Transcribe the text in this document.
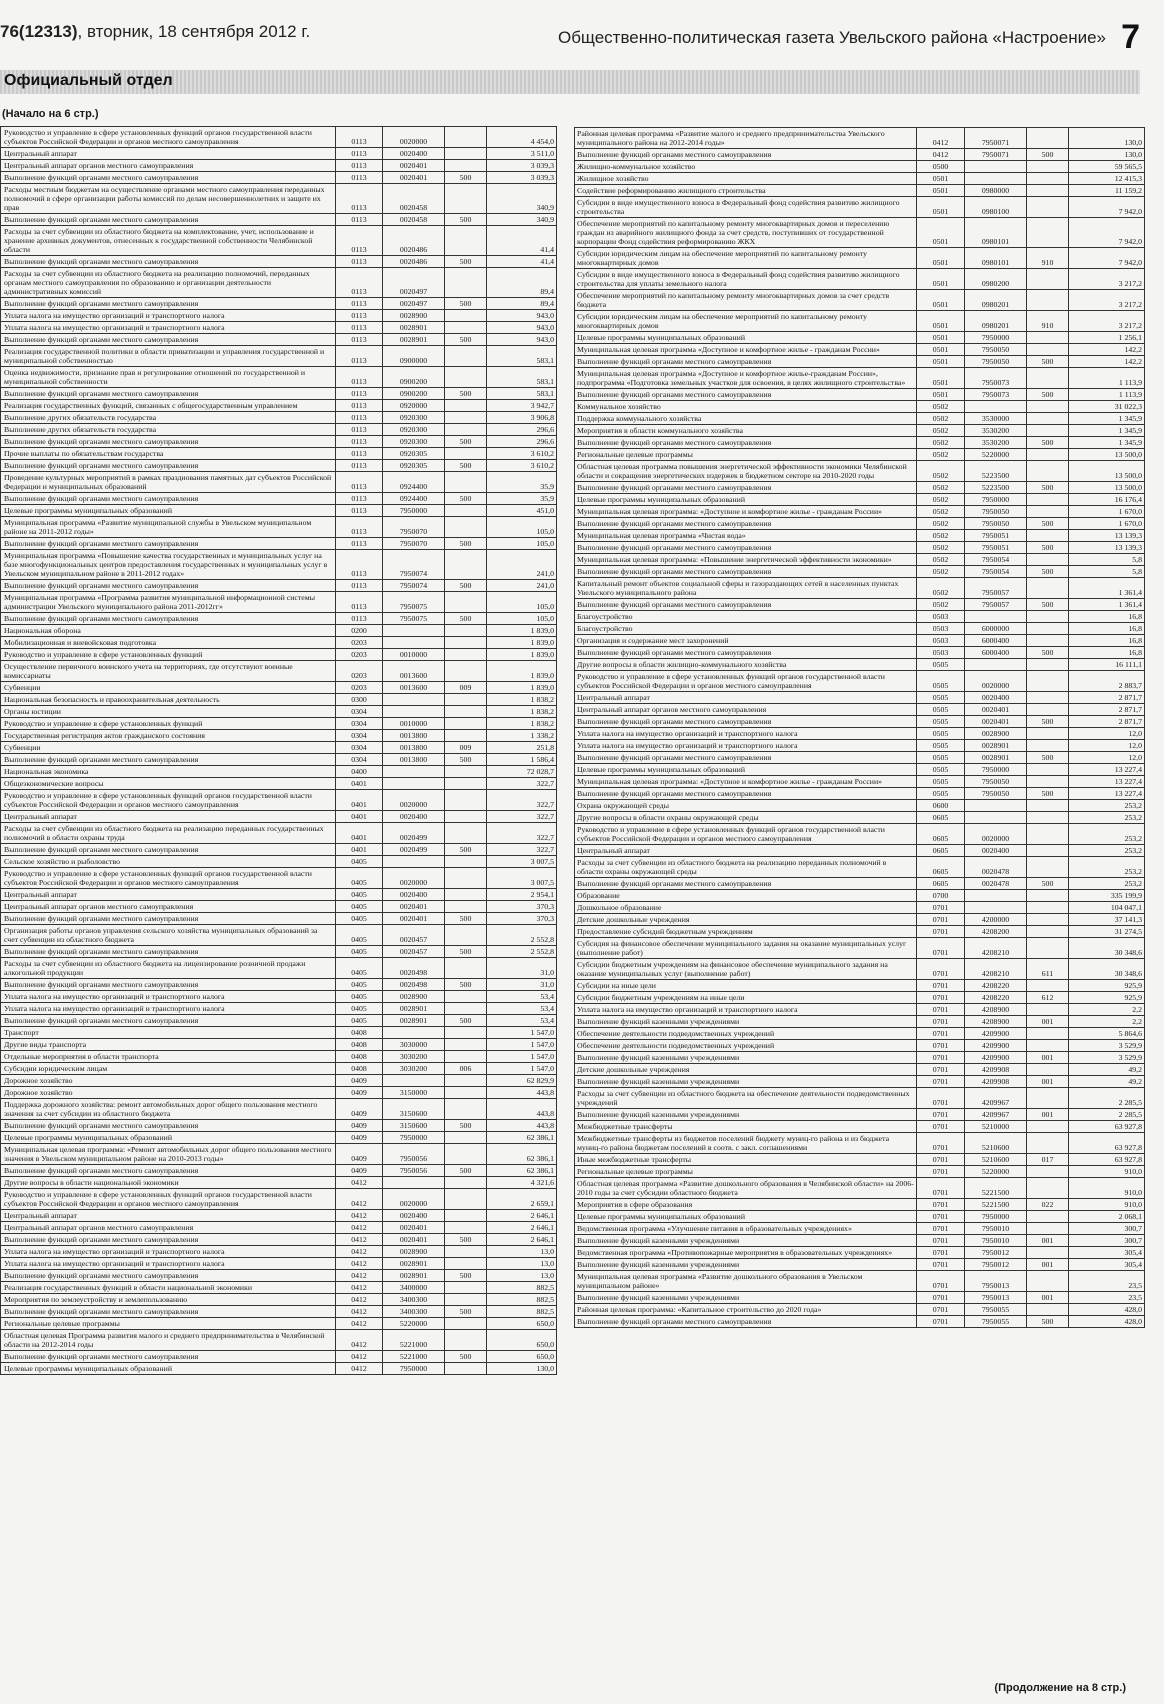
76(12313), вторник, 18 сентября 2012 г.	Общественно-политическая газета Увельского района «Настроение» 7
Официальный отдел
(Начало на 6 стр.)
Руководство и управление в сфере установленных функций органов государственной власти субъектов Российской Федерации и органов местного самоуправления	0113	0020000		4 454,0
Центральный аппарат	0113	0020400		3 511,0
Центральный аппарат органов местного самоуправления	0113	0020401		3 039,3
Выполнение функций органами местного самоуправления	0113	0020401	500	3 039,3
Расходы местным бюджетам на осуществление органами местного самоуправления переданных полномочий в сфере организации работы комиссий по делам несовершеннолетних и защите их прав	0113	0020458		340,9
Выполнение функций органами местного самоуправления	0113	0020458	500	340,9
Расходы за счет субвенции из областного бюджета на комплектование, учет, использование и хранение архивных документов, отнесенных к государственной собственности Челябинской области	0113	0020486		41,4
Выполнение функций органами местного самоуправления	0113	0020486	500	41,4
Расходы за счет субвенции из областного бюджета на реализацию полномочий, переданных органам местного самоуправления по образованию и организации деятельности административных комиссий	0113	0020497		89,4
Выполнение функций органами местного самоуправления	0113	0020497	500	89,4
Уплата налога на имущество организаций и транспортного налога	0113	0028900		943,0
Уплата налога на имущество организаций и транспортного налога	0113	0028901		943,0
Выполнение функций органами местного самоуправления	0113	0028901	500	943,0
Реализация государственной политики в области приватизации и управления государственной и муниципальной собственностью	0113	0900000		583,1
Оценка недвижимости, признание прав и регулирование отношений по государственной и муниципальной собственности	0113	0900200		583,1
Выполнение функций органами местного самоуправления	0113	0900200	500	583,1
Реализация государственных функций, связанных с общегосударственным управлением	0113	0920000		3 942,7
Выполнение других обязательств государства	0113	0920300		3 906,8
Выполнение других обязательств государства	0113	0920300		296,6
Выполнение функций органами местного самоуправления	0113	0920300	500	296,6
Прочие выплаты по обязательствам государства	0113	0920305		3 610,2
Выполнение функций органами местного самоуправления	0113	0920305	500	3 610,2
Проведение культурных мероприятий в рамках празднования памятных дат субъектов Российской Федерации и муниципальных образований	0113	0924400		35,9
Выполнение функций органами местного самоуправления	0113	0924400	500	35,9
Целевые программы муниципальных образований	0113	7950000		451,0
Муниципальная программа «Развитие муниципальной службы в Увельском муниципальном районе на 2011-2012 годы»	0113	7950070		105,0
Выполнение функций органами местного самоуправления	0113	7950070	500	105,0
Муниципальная программа «Повышение качества государственных и муниципальных услуг на базе многофункциональных центров предоставления государственных и муниципальных услуг в Увельском муниципальном районе в 2011-2012 годах»	0113	7950074		241,0
Выполнение функций органами местного самоуправления	0113	7950074	500	241,0
Муниципальная программа «Программа развития муниципальной информационной системы администрации Увельского муниципального района 2011-2012гг»	0113	7950075		105,0
Выполнение функций органами местного самоуправления	0113	7950075	500	105,0
Национальная оборона	0200			1 839,0
Мобилизационная и вневойсковая подготовка	0203			1 839,0
Руководство и управление в сфере установленных функций	0203	0010000		1 839,0
Осуществление первичного воинского учета на территориях, где отсутствуют военные комиссариаты	0203	0013600		1 839,0
Субвенции	0203	0013600	009	1 839,0
Национальная безопасность и правоохранительная деятельность	0300			1 838,2
Органы юстиции	0304			1 838,2
Руководство и управление в сфере установленных функций	0304	0010000		1 838,2
Государственная регистрация актов гражданского состояния	0304	0013800		1 338,2
Субвенции	0304	0013800	009	251,8
Выполнение функций органами местного самоуправления	0304	0013800	500	1 586,4
Национальная экономика	0400			72 028,7
Общеэкономические вопросы	0401			322,7
Руководство и управление в сфере установленных функций органов государственной власти субъектов Российской Федерации и органов местного самоуправления	0401	0020000		322,7
Центральный аппарат	0401	0020400		322,7
Расходы за счет субвенции из областного бюджета на реализацию переданных государственных полномочий в области охраны труда	0401	0020499		322,7
Выполнение функций органами местного самоуправления	0401	0020499	500	322,7
Сельское хозяйство и рыболовство	0405			3 007,5
Руководство и управление в сфере установленных функций органов государственной власти субъектов Российской Федерации и органов местного самоуправления	0405	0020000		3 007,5
Центральный аппарат	0405	0020400		2 954,1
Центральный аппарат органов местного самоуправления	0405	0020401		370,3
Выполнение функций органами местного самоуправления	0405	0020401	500	370,3
Организация работы органов управления сельского хозяйства муниципальных образований за счет субвенции из областного бюджета	0405	0020457		2 552,8
Выполнение функций органами местного самоуправления	0405	0020457	500	2 552,8
Расходы за счет субвенции из областного бюджета на лицензирование розничной продажи алкогольной продукции	0405	0020498		31,0
Выполнение функций органами местного самоуправления	0405	0020498	500	31,0
Уплата налога на имущество организаций и транспортного налога	0405	0028900		53,4
Уплата налога на имущество организаций и транспортного налога	0405	0028901		53,4
Выполнение функций органами местного самоуправления	0405	0028901	500	53,4
Транспорт	0408			1 547,0
Другие виды транспорта	0408	3030000		1 547,0
Отдельные мероприятия в области транспорта	0408	3030200		1 547,0
Субсидии юридическим лицам	0408	3030200	006	1 547,0
Дорожное хозяйство	0409			62 829,9
Дорожное хозяйство	0409	3150000		443,8
Поддержка дорожного хозяйства: ремонт автомобильных дорог общего пользования местного значения за счет субсидии из областного бюджета	0409	3150600		443,8
Выполнение функций органами местного самоуправления	0409	3150600	500	443,8
Целевые программы муниципальных образований	0409	7950000		62 386,1
Муниципальная целевая программа: «Ремонт автомобильных дорог общего пользования местного значения в Увельском муниципальном районе на 2010-2013 годы»	0409	7950056		62 386,1
Выполнение функций органами местного самоуправления	0409	7950056	500	62 386,1
Другие вопросы в области национальной экономики	0412			4 321,6
Руководство и управление в сфере установленных функций органов государственной власти субъектов Российской Федерации и органов местного самоуправления	0412	0020000		2 659,1
Центральный аппарат	0412	0020400		2 646,1
Центральный аппарат органов местного самоуправления	0412	0020401		2 646,1
Выполнение функций органами местного самоуправления	0412	0020401	500	2 646,1
Уплата налога на имущество организаций и транспортного налога	0412	0028900		13,0
Уплата налога на имущество организаций и транспортного налога	0412	0028901		13,0
Выполнение функций органами местного самоуправления	0412	0028901	500	13,0
Реализация государственных функций в области национальной экономики	0412	3400000		882,5
Мероприятия по землеустройству и землепользованию	0412	3400300		882,5
Выполнение функций органами местного самоуправления	0412	3400300	500	882,5
Региональные целевые программы	0412	5220000		650,0
Областная целевая Программа развития малого и среднего предпринимательства в Челябинской области на 2012-2014 годы	0412	5221000		650,0
Выполнение функций органами местного самоуправления	0412	5221000	500	650,0
Целевые программы муниципальных образований	0412	7950000		130,0
Районная целевая программа «Развитие малого и среднего предпринимательства Увельского муниципального района на 2012-2014 годы»	0412	7950071		130,0
Выполнение функций органами местного самоуправления	0412	7950071	500	130,0
Жилищно-коммунальное хозяйство	0500			59 565,5
Жилищное хозяйство	0501			12 415,3
Содействие реформированию жилищного строительства	0501	0980000		11 159,2
Субсидии в виде имущественного взноса в Федеральный фонд содействия развитию жилищного строительства	0501	0980100		7 942,0
Обеспечение мероприятий по капитальному ремонту многоквартирных домов и переселению граждан из аварийного жилищного фонда за счет средств, поступивших от государственной корпорации Фонд содействия реформированию ЖКХ	0501	0980101		7 942,0
Субсидии юридическим лицам на обеспечение мероприятий по капитальному ремонту многоквартирных домов	0501	0980101	910	7 942,0
Субсидии в виде имущественного взноса в Федеральный фонд содействия развитию жилищного строительства для уплаты земельного налога	0501	0980200		3 217,2
Обеспечение мероприятий по капитальному ремонту многоквартирных домов за счет средств бюджета	0501	0980201		3 217,2
Субсидии юридическим лицам на обеспечение мероприятий по капитальному ремонту многоквартирных домов	0501	0980201	910	3 217,2
Целевые программы муниципальных образований	0501	7950000		1 256,1
Муниципальная целевая программа «Доступное и комфортное жилье - гражданам России»	0501	7950050		142,2
Выполнение функций органами местного самоуправления	0501	7950050	500	142,2
Муниципальная целевая программа «Доступное и комфортное жилье-гражданам России», подпрограмма «Подготовка земельных участков для освоения, в целях жилищного строительства»	0501	7950073		1 113,9
Выполнение функций органами местного самоуправления	0501	7950073	500	1 113,9
Коммунальное хозяйство	0502			31 022,3
Поддержка коммунального хозяйства	0502	3530000		1 345,9
Мероприятия в области коммунального хозяйства	0502	3530200		1 345,9
Выполнение функций органами местного самоуправления	0502	3530200	500	1 345,9
Региональные целевые программы	0502	5220000		13 500,0
Областная целевая программа повышения энергетической эффективности экономики Челябинской области и сокращения энергетических издержек в бюджетном секторе на 2010-2020 годы	0502	5223500		13 500,0
Выполнение функций органами местного самоуправления	0502	5223500	500	13 500,0
Целевые программы муниципальных образований	0502	7950000		16 176,4
Муниципальная целевая программа: «Доступное и комфортное жилье - гражданам России»	0502	7950050		1 670,0
Выполнение функций органами местного самоуправления	0502	7950050	500	1 670,0
Муниципальная целевая программа «Чистая вода»	0502	7950051		13 139,3
Выполнение функций органами местного самоуправления	0502	7950051	500	13 139,3
Муниципальная целевая программа: «Повышение энергетической эффективности экономики»	0502	7950054		5,8
Выполнение функций органами местного самоуправления	0502	7950054	500	5,8
Капитальный ремонт объектов социальной сферы и газораздающих сетей в населенных пунктах Увельского муниципального района	0502	7950057		1 361,4
Выполнение функций органами местного самоуправления	0502	7950057	500	1 361,4
Благоустройство	0503			16,8
Благоустройство	0503	6000000		16,8
Организация и содержание мест захоронений	0503	6000400		16,8
Выполнение функций органами местного самоуправления	0503	6000400	500	16,8
Другие вопросы в области жилищно-коммунального хозяйства	0505			16 111,1
Руководство и управление в сфере установленных функций органов государственной власти субъектов Российской Федерации и органов местного самоуправления	0505	0020000		2 883,7
Центральный аппарат	0505	0020400		2 871,7
Центральный аппарат органов местного самоуправления	0505	0020401		2 871,7
Выполнение функций органами местного самоуправления	0505	0020401	500	2 871,7
Уплата налога на имущество организаций и транспортного налога	0505	0028900		12,0
Уплата налога на имущество организаций и транспортного налога	0505	0028901		12,0
Выполнение функций органами местного самоуправления	0505	0028901	500	12,0
Целевые программы муниципальных образований	0505	7950000		13 227,4
Муниципальная целевая программа: «Доступное и комфортное жилье - гражданам России»	0505	7950050		13 227,4
Выполнение функций органами местного самоуправления	0505	7950050	500	13 227,4
Охрана окружающей среды	0600			253,2
Другие вопросы в области охраны окружающей среды	0605			253,2
Руководство и управление в сфере установленных функций органов государственной власти субъектов Российской Федерации и органов местного самоуправления	0605	0020000		253,2
Центральный аппарат	0605	0020400		253,2
Расходы за счет субвенции из областного бюджета на реализацию переданных полномочий в области охраны окружающей среды	0605	0020478		253,2
Выполнение функций органами местного самоуправления	0605	0020478	500	253,2
Образование	0700			335 199,9
Дошкольное образование	0701			104 047,1
Детские дошкольные учреждения	0701	4200000		37 141,3
Предоставление субсидий бюджетным учреждениям	0701	4208200		31 274,5
Субсидия на финансовое обеспечение муниципального задания на оказание муниципальных услуг (выполнение работ)	0701	4208210		30 348,6
Субсидии бюджетным учреждениям на финансовое обеспечение муниципального задания на оказание муниципальных услуг (выполнение работ)	0701	4208210	611	30 348,6
Субсидии на иные цели	0701	4208220		925,9
Субсидии бюджетным учреждениям на иные цели	0701	4208220	612	925,9
Уплата налога на имущество организаций и транспортного налога	0701	4208900		2,2
Выполнение функций казенными учреждениями	0701	4208900	001	2,2
Обеспечение деятельности подведомственных учреждений	0701	4209900		5 864,6
Обеспечение деятельности подведомственных учреждений	0701	4209900		3 529,9
Выполнение функций казенными учреждениями	0701	4209900	001	3 529,9
Детские дошкольные учреждения	0701	4209908		49,2
Выполнение функций казенными учреждениями	0701	4209908	001	49,2
Расходы за счет субвенции из областного бюджета на обеспечение деятельности подведомственных учреждений	0701	4209967		2 285,5
Выполнение функций казенными учреждениями	0701	4209967	001	2 285,5
Межбюджетные трансферты	0701	5210000		63 927,8
Межбюджетные трансферты из бюджетов поселений бюджету муниц-го района и из бюджета муниц-го района бюджетам поселений в соотв. с закл. соглашениями	0701	5210600		63 927,8
Иные межбюджетные трансферты	0701	5210600	017	63 927,8
Региональные целевые программы	0701	5220000		910,0
Областная целевая программа «Развитие дошкольного образования в Челябинской области» на 2006-2010 годы за счет субсидии областного бюджета	0701	5221500		910,0
Мероприятия в сфере образования	0701	5221500	022	910,0
Целевые программы муниципальных образований	0701	7950000		2 068,1
Ведомственная программа «Улучшение питания в образовательных учреждениях»	0701	7950010		300,7
Выполнение функций казенными учреждениями	0701	7950010	001	300,7
Ведомственная программа «Противопожарные мероприятия в образовательных учреждениях»	0701	7950012		305,4
Выполнение функций казенными учреждениями	0701	7950012	001	305,4
Муниципальная целевая программа «Развитие дошкольного образования в Увельском муниципальном районе»	0701	7950013		23,5
Выполнение функций казенными учреждениями	0701	7950013	001	23,5
Районная целевая программа: «Капитальное строительство до 2020 года»	0701	7950055		428,0
Выполнение функций органами местного самоуправления	0701	7950055	500	428,0
(Продолжение на 8 стр.)
